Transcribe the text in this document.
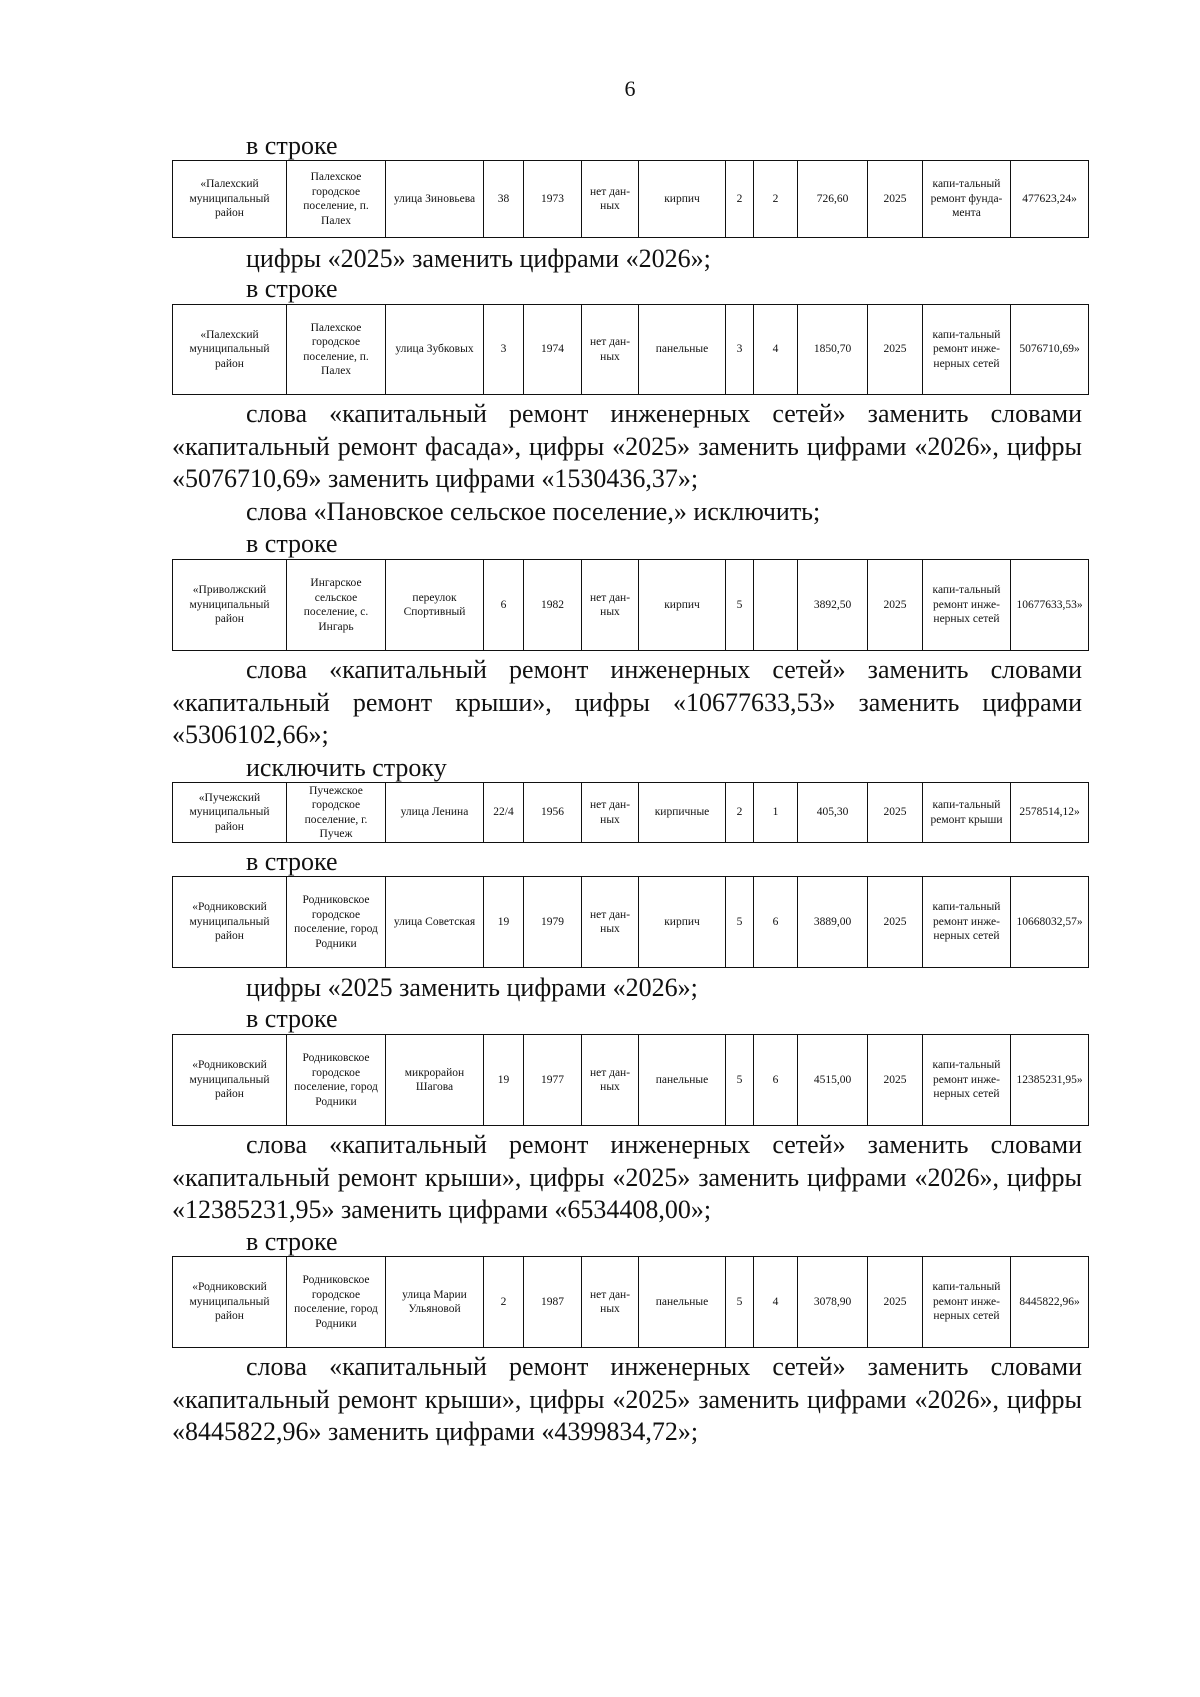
6
в строке
«Палехский муниципальный район	Палехское городское поселение, п. Палех	улица Зиновьева	38	1973	нет дан-ных	кирпич	2	2	726,60	2025	капи-тальный ремонт фунда-мента	477623,24»
цифры «2025» заменить цифрами «2026»;
в строке
«Палехский муниципальный район	Палехское городское поселение, п. Палех	улица Зубковых	3	1974	нет дан-ных	панельные	3	4	1850,70	2025	капи-тальный ремонт инже-нерных сетей	5076710,69»
слова «капитальный ремонт инженерных сетей» заменить словами «капитальный ремонт фасада», цифры «2025» заменить цифрами «2026», цифры «5076710,69» заменить цифрами «1530436,37»;
слова «Пановское сельское поселение,» исключить;
в строке
«Приволжский муниципальный район	Ингарское сельское поселение, с. Ингарь	переулок Спортивный	6	1982	нет дан-ных	кирпич	5		3892,50	2025	капи-тальный ремонт инже-нерных сетей	10677633,53»
слова «капитальный ремонт инженерных сетей» заменить словами «капитальный ремонт крыши», цифры «10677633,53» заменить цифрами «5306102,66»;
исключить строку
«Пучежский муниципальный район	Пучежское городское поселение, г. Пучеж	улица Ленина	22/4	1956	нет дан-ных	кирпичные	2	1	405,30	2025	капи-тальный ремонт крыши	2578514,12»
в строке
«Родниковский муниципальный район	Родниковское городское поселение, город Родники	улица Советская	19	1979	нет дан-ных	кирпич	5	6	3889,00	2025	капи-тальный ремонт инже-нерных сетей	10668032,57»
цифры «2025 заменить цифрами «2026»;
в строке
«Родниковский муниципальный район	Родниковское городское поселение, город Родники	микрорайон Шагова	19	1977	нет дан-ных	панельные	5	6	4515,00	2025	капи-тальный ремонт инже-нерных сетей	12385231,95»
слова «капитальный ремонт инженерных сетей» заменить словами «капитальный ремонт крыши», цифры «2025» заменить цифрами «2026», цифры «12385231,95» заменить цифрами «6534408,00»;
в строке
«Родниковский муниципальный район	Родниковское городское поселение, город Родники	улица Марии Ульяновой	2	1987	нет дан-ных	панельные	5	4	3078,90	2025	капи-тальный ремонт инже-нерных сетей	8445822,96»
слова «капитальный ремонт инженерных сетей» заменить словами «капитальный ремонт крыши», цифры «2025» заменить цифрами «2026», цифры «8445822,96» заменить цифрами «4399834,72»;
